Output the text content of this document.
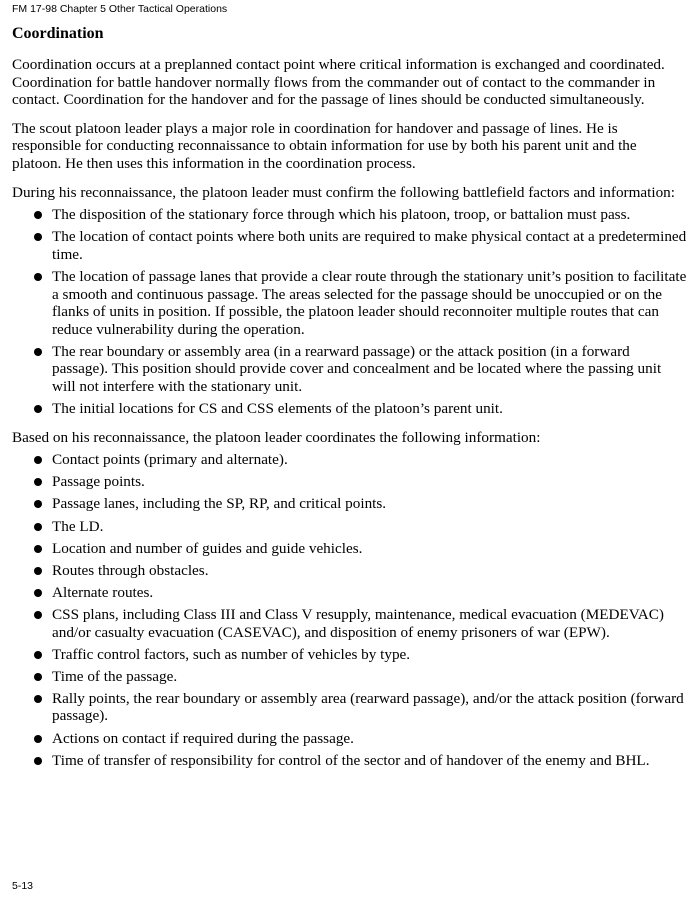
FM 17-98 Chapter 5 Other Tactical Operations
Coordination

Coordination occurs at a preplanned contact point where critical information is exchanged and coordinated. Coordination for battle handover normally flows from the commander out of contact to the commander in contact. Coordination for the handover and for the passage of lines should be conducted simultaneously.

The scout platoon leader plays a major role in coordination for handover and passage of lines. He is responsible for conducting reconnaissance to obtain information for use by both his parent unit and the platoon. He then uses this information in the coordination process.

During his reconnaissance, the platoon leader must confirm the following battlefield factors and information:

The disposition of the stationary force through which his platoon, troop, or battalion must pass.
The location of contact points where both units are required to make physical contact at a predetermined time.
The location of passage lanes that provide a clear route through the stationary unit’s position to facilitate a smooth and continuous passage. The areas selected for the passage should be unoccupied or on the flanks of units in position. If possible, the platoon leader should reconnoiter multiple routes that can reduce vulnerability during the operation.
The rear boundary or assembly area (in a rearward passage) or the attack position (in a forward passage). This position should provide cover and concealment and be located where the passing unit will not interfere with the stationary unit.
The initial locations for CS and CSS elements of the platoon’s parent unit.

Based on his reconnaissance, the platoon leader coordinates the following information:

Contact points (primary and alternate).
Passage points.
Passage lanes, including the SP, RP, and critical points.
The LD.
Location and number of guides and guide vehicles.
Routes through obstacles.
Alternate routes.
CSS plans, including Class III and Class V resupply, maintenance, medical evacuation (MEDEVAC) and/or casualty evacuation (CASEVAC), and disposition of enemy prisoners of war (EPW).
Traffic control factors, such as number of vehicles by type.
Time of the passage.
Rally points, the rear boundary or assembly area (rearward passage), and/or the attack position (forward passage).
Actions on contact if required during the passage.
Time of transfer of responsibility for control of the sector and of handover of the enemy and BHL.
5-13
